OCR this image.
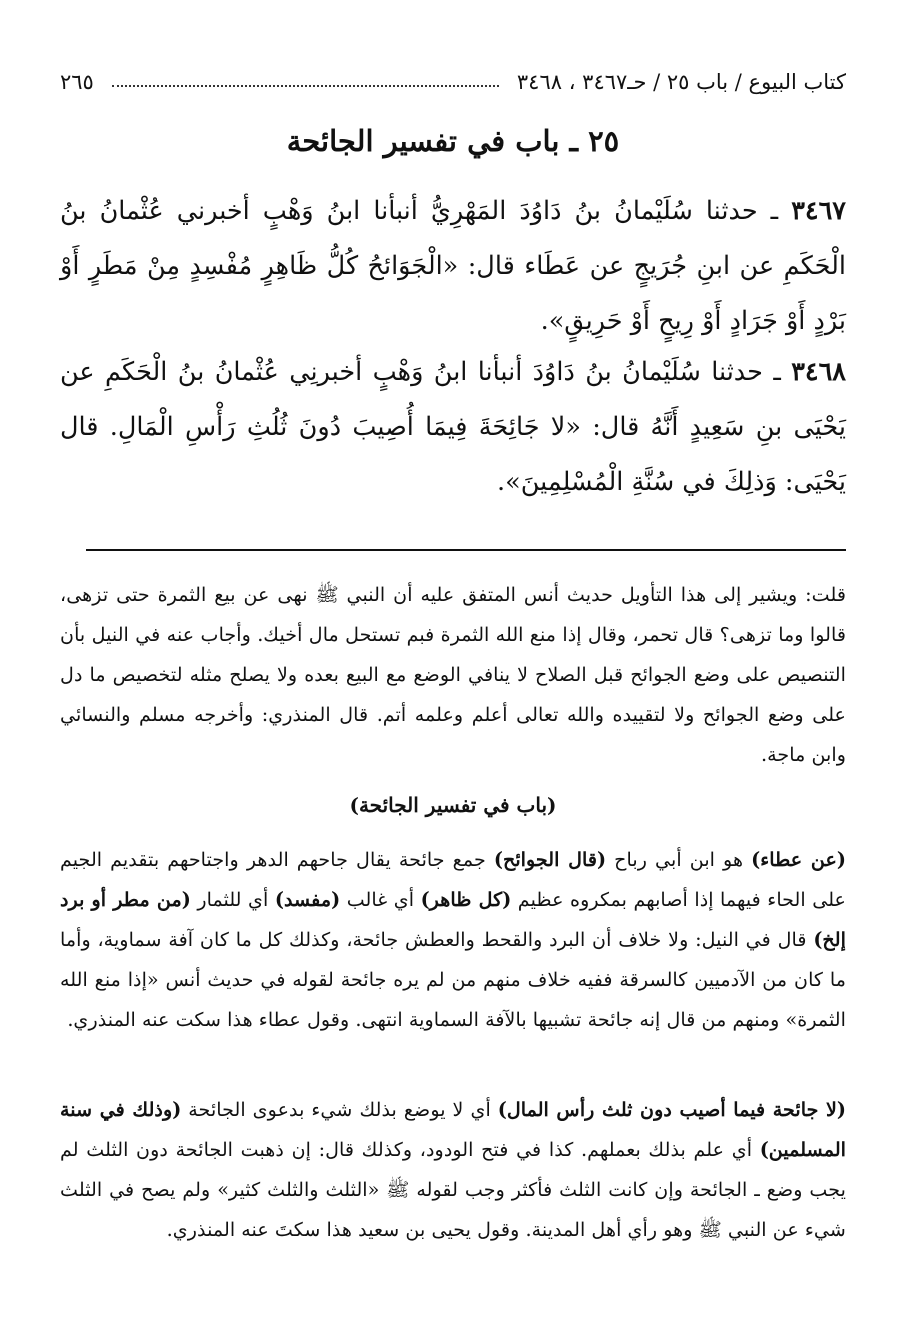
كتاب البيوع / باب ٢٥ / حـ٣٤٦٧ ، ٣٤٦٨
٢٦٥
٢٥ ـ باب في تفسير الجائحة
٣٤٦٧ ـ حدثنا سُلَيْمانُ بنُ دَاوُدَ المَهْرِيُّ أنبأنا ابنُ وَهْبٍ أخبرني عُثْمانُ بنُ الْحَكَمِ عن ابنِ جُرَيجٍ عن عَطَاء قال: «الْجَوَائحُ كُلُّ ظَاهِرٍ مُفْسِدٍ مِنْ مَطَرٍ أَوْ بَرْدٍ أَوْ جَرَادٍ أَوْ رِيحٍ أَوْ حَرِيقٍ».
٣٤٦٨ ـ حدثنا سُلَيْمانُ بنُ دَاوُدَ أنبأنا ابنُ وَهْبٍ أخبرنِي عُثْمانُ بنُ الْحَكَمِ عن يَحْيَى بنِ سَعِيدٍ أَنَّهُ قال: «لا جَائِحَةَ فِيمَا أُصِيبَ دُونَ ثُلُثِ رَأْسِ الْمَالِ. قال يَحْيَى: وَذلِكَ في سُنَّةِ الْمُسْلِمِينَ».
قلت: ويشير إلى هذا التأويل حديث أنس المتفق عليه أن النبي ﷺ نهى عن بيع الثمرة حتى تزهى، قالوا وما تزهى؟ قال تحمر، وقال إذا منع الله الثمرة فبم تستحل مال أخيك. وأجاب عنه في النيل بأن التنصيص على وضع الجوائح قبل الصلاح لا ينافي الوضع مع البيع بعده ولا يصلح مثله لتخصيص ما دل على وضع الجوائح ولا لتقييده والله تعالى أعلم وعلمه أتم. قال المنذري: وأخرجه مسلم والنسائي وابن ماجة.
(باب في تفسير الجائحة)
(عن عطاء) هو ابن أبي رباح (قال الجوائح) جمع جائحة يقال جاحهم الدهر واجتاحهم بتقديم الجيم على الحاء فيهما إذا أصابهم بمكروه عظيم (كل ظاهر) أي غالب (مفسد) أي للثمار (من مطر أو برد إلخ) قال في النيل: ولا خلاف أن البرد والقحط والعطش جائحة، وكذلك كل ما كان آفة سماوية، وأما ما كان من الآدميين كالسرقة ففيه خلاف منهم من لم يره جائحة لقوله في حديث أنس «إذا منع الله الثمرة» ومنهم من قال إنه جائحة تشبيها بالآفة السماوية انتهى. وقول عطاء هذا سكت عنه المنذري.
(لا جائحة فيما أصيب دون ثلث رأس المال) أي لا يوضع بذلك شيء بدعوى الجائحة (وذلك في سنة المسلمين) أي علم بذلك بعملهم. كذا في فتح الودود، وكذلك قال: إن ذهبت الجائحة دون الثلث لم يجب وضع ـ الجائحة وإن كانت الثلث فأكثر وجب لقوله ﷺ «الثلث والثلث كثير» ولم يصح في الثلث شيء عن النبي ﷺ وهو رأي أهل المدينة. وقول يحيى بن سعيد هذا سكتَ عنه المنذري.
